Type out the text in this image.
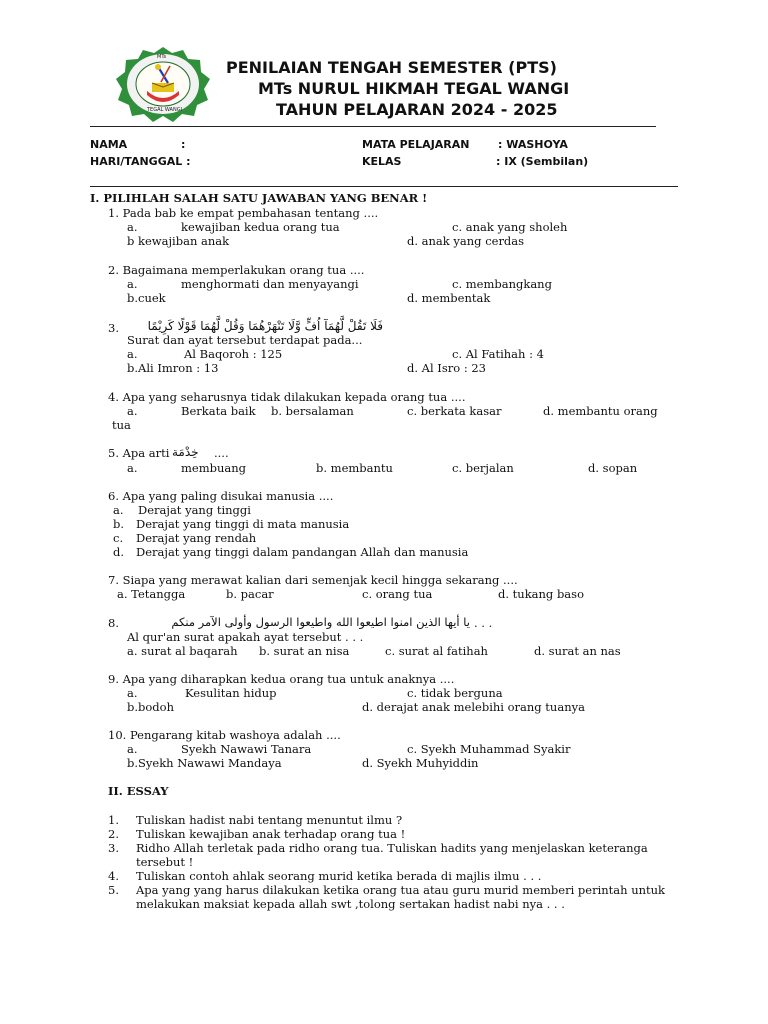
MTs
TEGAL WANGI
PENILAIAN TENGAH SEMESTER (PTS)
MTs NURUL HIKMAH TEGAL WANGI
TAHUN PELAJARAN 2024 - 2025
NAMA	:
HARI/TANGGAL :
MATA PELAJARAN	: WASHOYA
KELAS	: IX (Sembilan)
I. PILIHLAH SALAH SATU JAWABAN YANG BENAR !
1. Pada bab ke empat pembahasan tentang ....
a.	kewajiban kedua orang tua	c. anak yang sholeh
b kewajiban anak	d. anak yang cerdas
2. Bagaimana memperlakukan orang tua ....
a.	menghormati dan menyayangi	c. membangkang
b.cuek	d. membentak
3.	فَلَا تَقُلْ لَّهُمَآ اُفٍّ وَّلَا تَنْهَرْهُمَا وَقُلْ لَّهُمَا قَوْلًا كَرِيْمًا
Surat dan ayat tersebut terdapat pada...
a.	Al Baqoroh : 125	c. Al Fatihah : 4
b.Ali Imron : 13	d. Al Isro : 23
4. Apa yang seharusnya tidak dilakukan kepada orang tua ....
a.	Berkata baik b. bersalaman	c. berkata kasar	d. membantu orang
tua
5. Apa arti خِدْمَة ....
a.	membuang	b. membantu	c. berjalan	d. sopan
6. Apa yang paling disukai manusia ....
a. Derajat yang tinggi
b. Derajat yang tinggi di mata manusia
c. Derajat yang rendah
d. Derajat yang tinggi dalam pandangan Allah dan manusia
7. Siapa yang merawat kalian dari semenjak kecil hingga sekarang ....
a. Tetangga	b. pacar	c. orang tua	d. tukang baso
8.	يا أيها الذين امنوا اطيعوا الله واطيعوا الرسول وأولى الآمر منكم . . .
Al qur'an surat apakah ayat tersebut . . .
a. surat al baqarah b. surat an nisa	c. surat al fatihah	d. surat an nas
9. Apa yang diharapkan kedua orang tua untuk anaknya ....
a.	Kesulitan hidup	c. tidak berguna
b.bodoh	d. derajat anak melebihi orang tuanya
10. Pengarang kitab washoya adalah ....
a.	Syekh Nawawi Tanara	c. Syekh Muhammad Syakir
b.Syekh Nawawi Mandaya	d. Syekh Muhyiddin
II. ESSAY
1. Tuliskan hadist nabi tentang menuntut ilmu ?
2. Tuliskan kewajiban anak terhadap orang tua !
3. Ridho Allah terletak pada ridho orang tua. Tuliskan hadits yang menjelaskan keteranga
tersebut !
4. Tuliskan contoh ahlak seorang murid ketika berada di majlis ilmu . . .
5. Apa yang yang harus dilakukan ketika orang tua atau guru murid memberi perintah untuk
melakukan maksiat kepada allah swt ,tolong sertakan hadist nabi nya . . .
